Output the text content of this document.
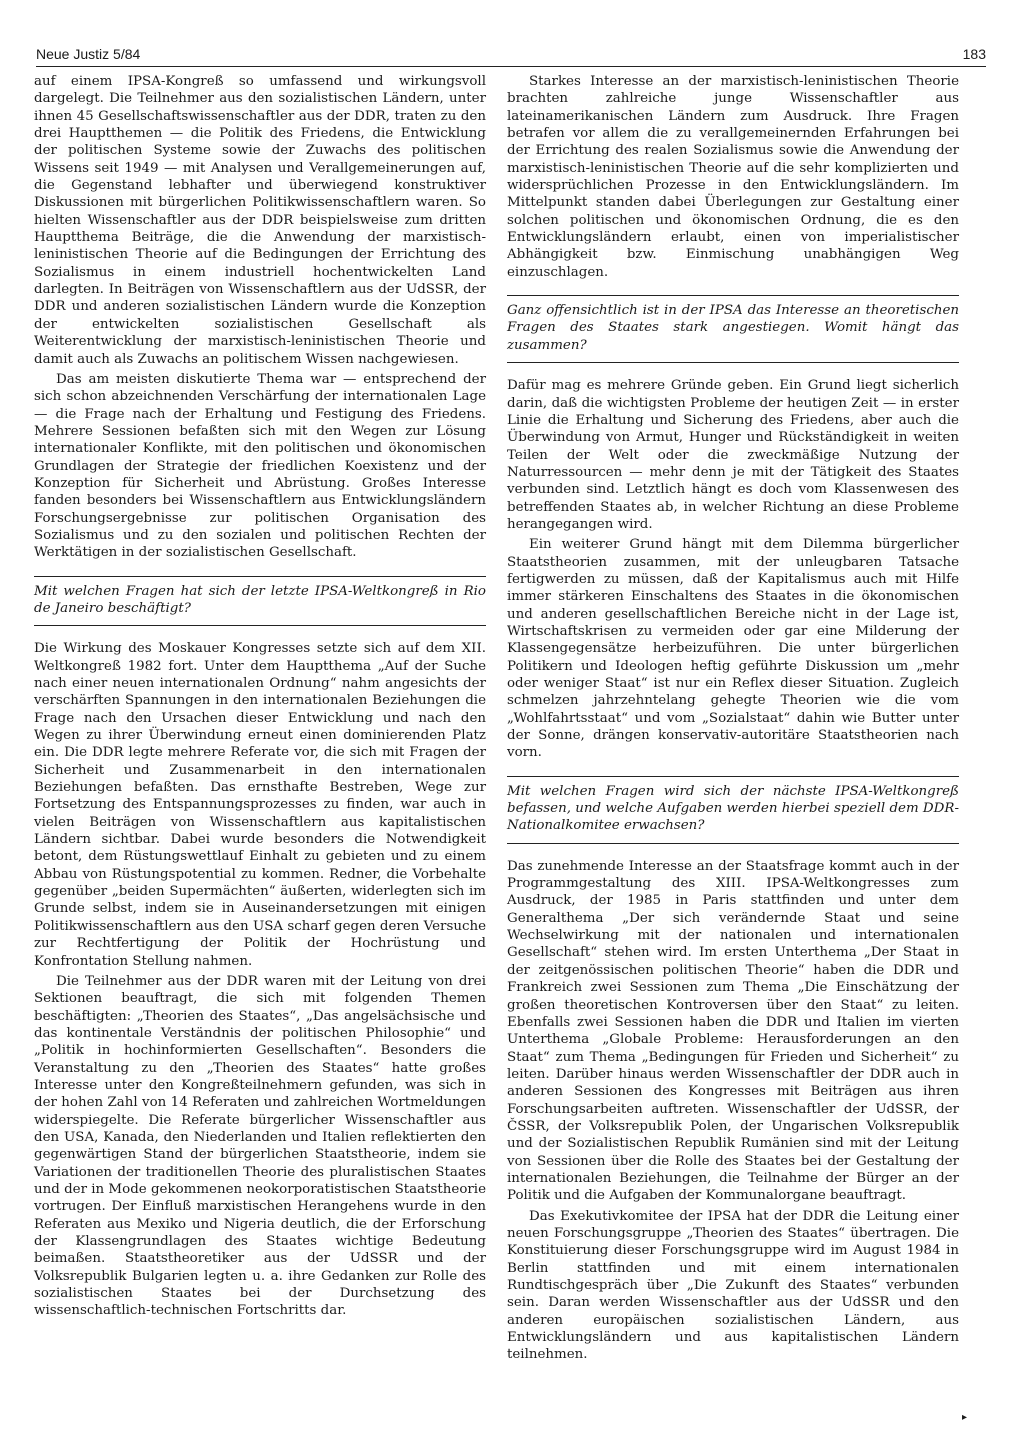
Neue Justiz 5/84	183

auf einem IPSA-Kongreß so umfassend und wirkungsvoll dargelegt. Die Teilnehmer aus den sozialistischen Ländern, unter ihnen 45 Gesellschaftswissenschaftler aus der DDR, traten zu den drei Hauptthemen — die Politik des Friedens, die Entwicklung der politischen Systeme sowie der Zuwachs des politischen Wissens seit 1949 — mit Analysen und Verallgemeinerungen auf, die Gegenstand lebhafter und überwiegend konstruktiver Diskussionen mit bürgerlichen Politikwissenschaftlern waren. So hielten Wissenschaftler aus der DDR beispielsweise zum dritten Hauptthema Beiträge, die die Anwendung der marxistisch-leninistischen Theorie auf die Bedingungen der Errichtung des Sozialismus in einem industriell hochentwickelten Land darlegten. In Beiträgen von Wissenschaftlern aus der UdSSR, der DDR und anderen sozialistischen Ländern wurde die Konzeption der entwickelten sozialistischen Gesellschaft als Weiterentwicklung der marxistisch-leninistischen Theorie und damit auch als Zuwachs an politischem Wissen nachgewiesen.

Das am meisten diskutierte Thema war — entsprechend der sich schon abzeichnenden Verschärfung der internationalen Lage — die Frage nach der Erhaltung und Festigung des Friedens. Mehrere Sessionen befaßten sich mit den Wegen zur Lösung internationaler Konflikte, mit den politischen und ökonomischen Grundlagen der Strategie der friedlichen Koexistenz und der Konzeption für Sicherheit und Abrüstung. Großes Interesse fanden besonders bei Wissenschaftlern aus Entwicklungsländern Forschungsergebnisse zur politischen Organisation des Sozialismus und zu den sozialen und politischen Rechten der Werktätigen in der sozialistischen Gesellschaft.

Mit welchen Fragen hat sich der letzte IPSA-Weltkongreß in Rio de Janeiro beschäftigt?

Die Wirkung des Moskauer Kongresses setzte sich auf dem XII. Weltkongreß 1982 fort. Unter dem Hauptthema „Auf der Suche nach einer neuen internationalen Ordnung“ nahm angesichts der verschärften Spannungen in den internationalen Beziehungen die Frage nach den Ursachen dieser Entwicklung und nach den Wegen zu ihrer Überwindung erneut einen dominierenden Platz ein. Die DDR legte mehrere Referate vor, die sich mit Fragen der Sicherheit und Zusammenarbeit in den internationalen Beziehungen befaßten. Das ernsthafte Bestreben, Wege zur Fortsetzung des Entspannungsprozesses zu finden, war auch in vielen Beiträgen von Wissenschaftlern aus kapitalistischen Ländern sichtbar. Dabei wurde besonders die Notwendigkeit betont, dem Rüstungswettlauf Einhalt zu gebieten und zu einem Abbau von Rüstungspotential zu kommen. Redner, die Vorbehalte gegenüber „beiden Supermächten“ äußerten, widerlegten sich im Grunde selbst, indem sie in Auseinandersetzungen mit einigen Politikwissenschaftlern aus den USA scharf gegen deren Versuche zur Rechtfertigung der Politik der Hochrüstung und Konfrontation Stellung nahmen.

Die Teilnehmer aus der DDR waren mit der Leitung von drei Sektionen beauftragt, die sich mit folgenden Themen beschäftigten: „Theorien des Staates“, „Das angelsächsische und das kontinentale Verständnis der politischen Philosophie“ und „Politik in hochinformierten Gesellschaften“. Besonders die Veranstaltung zu den „Theorien des Staates“ hatte großes Interesse unter den Kongreßteilnehmern gefunden, was sich in der hohen Zahl von 14 Referaten und zahlreichen Wortmeldungen widerspiegelte. Die Referate bürgerlicher Wissenschaftler aus den USA, Kanada, den Niederlanden und Italien reflektierten den gegenwärtigen Stand der bürgerlichen Staatstheorie, indem sie Variationen der traditionellen Theorie des pluralistischen Staates und der in Mode gekommenen neokorporatistischen Staatstheorie vortrugen. Der Einfluß marxistischen Herangehens wurde in den Referaten aus Mexiko und Nigeria deutlich, die der Erforschung der Klassengrundlagen des Staates wichtige Bedeutung beimaßen. Staatstheoretiker aus der UdSSR und der Volksrepublik Bulgarien legten u. a. ihre Gedanken zur Rolle des sozialistischen Staates bei der Durchsetzung des wissenschaftlich-technischen Fortschritts dar.

Starkes Interesse an der marxistisch-leninistischen Theorie brachten zahlreiche junge Wissenschaftler aus lateinamerikanischen Ländern zum Ausdruck. Ihre Fragen betrafen vor allem die zu verallgemeinernden Erfahrungen bei der Errichtung des realen Sozialismus sowie die Anwendung der marxistisch-leninistischen Theorie auf die sehr komplizierten und widersprüchlichen Prozesse in den Entwicklungsländern. Im Mittelpunkt standen dabei Überlegungen zur Gestaltung einer solchen politischen und ökonomischen Ordnung, die es den Entwicklungsländern erlaubt, einen von imperialistischer Abhängigkeit bzw. Einmischung unabhängigen Weg einzuschlagen.

Ganz offensichtlich ist in der IPSA das Interesse an theoretischen Fragen des Staates stark angestiegen. Womit hängt das zusammen?

Dafür mag es mehrere Gründe geben. Ein Grund liegt sicherlich darin, daß die wichtigsten Probleme der heutigen Zeit — in erster Linie die Erhaltung und Sicherung des Friedens, aber auch die Überwindung von Armut, Hunger und Rückständigkeit in weiten Teilen der Welt oder die zweckmäßige Nutzung der Naturressourcen — mehr denn je mit der Tätigkeit des Staates verbunden sind. Letztlich hängt es doch vom Klassenwesen des betreffenden Staates ab, in welcher Richtung an diese Probleme herangegangen wird.

Ein weiterer Grund hängt mit dem Dilemma bürgerlicher Staatstheorien zusammen, mit der unleugbaren Tatsache fertigwerden zu müssen, daß der Kapitalismus auch mit Hilfe immer stärkeren Einschaltens des Staates in die ökonomischen und anderen gesellschaftlichen Bereiche nicht in der Lage ist, Wirtschaftskrisen zu vermeiden oder gar eine Milderung der Klassengegensätze herbeizuführen. Die unter bürgerlichen Politikern und Ideologen heftig geführte Diskussion um „mehr oder weniger Staat“ ist nur ein Reflex dieser Situation. Zugleich schmelzen jahrzehntelang gehegte Theorien wie die vom „Wohlfahrtsstaat“ und vom „Sozialstaat“ dahin wie Butter unter der Sonne, drängen konservativ-autoritäre Staatstheorien nach vorn.

Mit welchen Fragen wird sich der nächste IPSA-Weltkongreß befassen, und welche Aufgaben werden hierbei speziell dem DDR-Nationalkomitee erwachsen?

Das zunehmende Interesse an der Staatsfrage kommt auch in der Programmgestaltung des XIII. IPSA-Weltkongresses zum Ausdruck, der 1985 in Paris stattfinden und unter dem Generalthema „Der sich verändernde Staat und seine Wechselwirkung mit der nationalen und internationalen Gesellschaft“ stehen wird. Im ersten Unterthema „Der Staat in der zeitgenössischen politischen Theorie“ haben die DDR und Frankreich zwei Sessionen zum Thema „Die Einschätzung der großen theoretischen Kontroversen über den Staat“ zu leiten. Ebenfalls zwei Sessionen haben die DDR und Italien im vierten Unterthema „Globale Probleme: Herausforderungen an den Staat“ zum Thema „Bedingungen für Frieden und Sicherheit“ zu leiten. Darüber hinaus werden Wissenschaftler der DDR auch in anderen Sessionen des Kongresses mit Beiträgen aus ihren Forschungsarbeiten auftreten. Wissenschaftler der UdSSR, der ČSSR, der Volksrepublik Polen, der Ungarischen Volksrepublik und der Sozialistischen Republik Rumänien sind mit der Leitung von Sessionen über die Rolle des Staates bei der Gestaltung der internationalen Beziehungen, die Teilnahme der Bürger an der Politik und die Aufgaben der Kommunalorgane beauftragt.

Das Exekutivkomitee der IPSA hat der DDR die Leitung einer neuen Forschungsgruppe „Theorien des Staates“ übertragen. Die Konstituierung dieser Forschungsgruppe wird im August 1984 in Berlin stattfinden und mit einem internationalen Rundtischgespräch über „Die Zukunft des Staates“ verbunden sein. Daran werden Wissenschaftler aus der UdSSR und den anderen europäischen sozialistischen Ländern, aus Entwicklungsländern und aus kapitalistischen Ländern teilnehmen.

▸
